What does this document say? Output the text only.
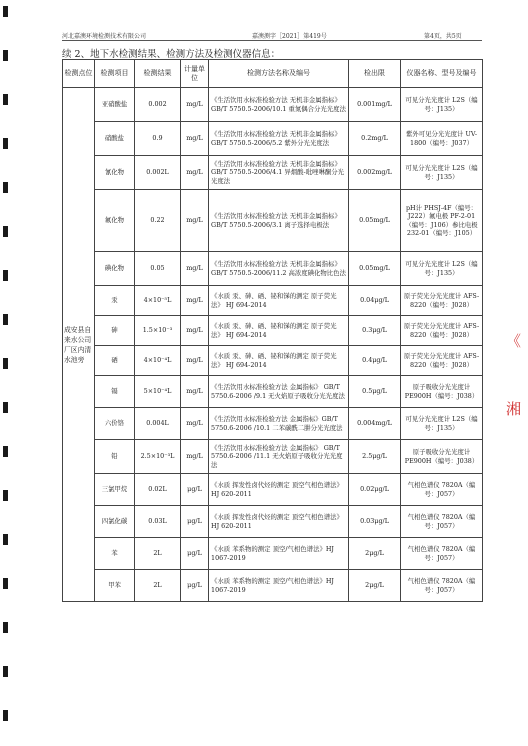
河北嘉澳环境检测技术有限公司	嘉澳测字［2021］第419号	第4页，共5页
续 2、地下水检测结果、检测方法及检测仪器信息：
检测点位	检测项目	检测结果	计量单位	检测方法名称及编号	检出限	仪器名称、型号及编号
成安县自来水公司厂区内清水池旁	亚硝酸盐	0.002	mg/L	《生活饮用水标准检验方法 无机非金属指标》 GB/T 5750.5-2006/10.1 重氮偶合分光光度法	0.001mg/L	可见分光光度计 L2S（编号：J135）
	硝酸盐	0.9	mg/L	《生活饮用水标准检验方法 无机非金属指标》 GB/T 5750.5-2006/5.2 紫外分光光度法	0.2mg/L	紫外可见分光光度计 UV-1800（编号：J037）
	氰化物	0.002L	mg/L	《生活饮用水标准检验方法 无机非金属指标》 GB/T 5750.5-2006/4.1 异烟酸-吡唑啉酮分光光度法	0.002mg/L	可见分光光度计 L2S（编号：J135）
	氟化物	0.22	mg/L	《生活饮用水标准检验方法 无机非金属指标》 GB/T 5750.5-2006/3.1 离子选择电极法	0.05mg/L	pH计 PHSJ-4F（编号：J222）氟电极 PF-2-01（编号：J106）参比电极 232-01（编号：J105）
	碘化物	0.05	mg/L	《生活饮用水标准检验方法 无机非金属指标》 GB/T 5750.5-2006/11.2 高浓度碘化物比色法	0.05mg/L	可见分光光度计 L2S（编号：J135）
	汞	4×10⁻⁵L	mg/L	《水质 汞、砷、硒、铋和锑的测定 原子荧光法》 HJ 694-2014	0.04μg/L	原子荧光分光光度计 AFS-8220（编号：J028）
	砷	1.5×10⁻³	mg/L	《水质 汞、砷、硒、铋和锑的测定 原子荧光法》 HJ 694-2014	0.3μg/L	原子荧光分光光度计 AFS-8220（编号：J028）
	硒	4×10⁻⁴L	mg/L	《水质 汞、砷、硒、铋和锑的测定 原子荧光法》 HJ 694-2014	0.4μg/L	原子荧光分光光度计 AFS-8220（编号：J028）
	镉	5×10⁻⁴L	mg/L	《生活饮用水标准检验方法 金属指标》 GB/T 5750.6-2006 /9.1 无火焰原子吸收分光光度法	0.5μg/L	原子吸收分光光度计 PE900H（编号：J038）
	六价铬	0.004L	mg/L	《生活饮用水标准检验方法 金属指标》GB/T 5750.6-2006 /10.1 二苯碳酰二肼分光光度法	0.004mg/L	可见分光光度计 L2S（编号：J135）
	铅	2.5×10⁻³L	mg/L	《生活饮用水标准检验方法 金属指标》 GB/T 5750.6-2006 /11.1 无火焰原子吸收分光光度法	2.5μg/L	原子吸收分光光度计 PE900H（编号：J038）
	三氯甲烷	0.02L	μg/L	《水质 挥发性卤代烃的测定 顶空气相色谱法》 HJ 620-2011	0.02μg/L	气相色谱仪 7820A（编号：J057）
	四氯化碳	0.03L	μg/L	《水质 挥发性卤代烃的测定 顶空气相色谱法》 HJ 620-2011	0.03μg/L	气相色谱仪 7820A（编号：J057）
	苯	2L	μg/L	《水质 苯系物的测定 顶空/气相色谱法》HJ 1067-2019	2μg/L	气相色谱仪 7820A（编号：J057）
	甲苯	2L	μg/L	《水质 苯系物的测定 顶空/气相色谱法》HJ 1067-2019	2μg/L	气相色谱仪 7820A（编号：J057）
《
湘
